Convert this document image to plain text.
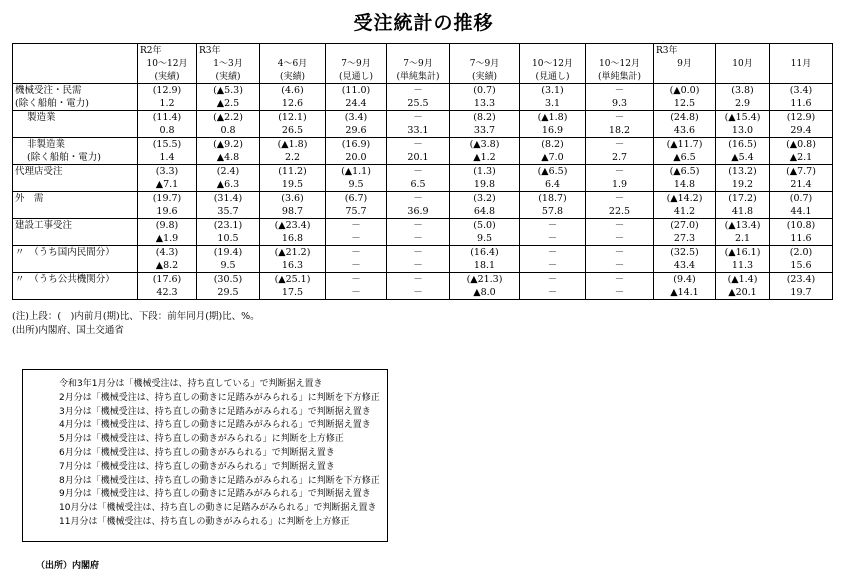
受注統計の推移
	R2年	R3年							R3年		
	10～12月	1～3月	4～6月	7～9月	7～9月	7～9月	10～12月	10～12月	9月	10月	11月
	(実績)	(実績)	(実績)	(見通し)	(単純集計)	(実績)	(見通し)	(単純集計)			
機械受注・民需	(12.9)	(▲5.3)	(4.6)	(11.0)	－	(0.7)	(3.1)	－	(▲0.0)	(3.8)	(3.4)
(除く船舶・電力)	1.2	▲2.5	12.6	24.4	25.5	13.3	3.1	9.3	12.5	2.9	11.6
製造業	(11.4)	(▲2.2)	(12.1)	(3.4)	－	(8.2)	(▲1.8)	－	(24.8)	(▲15.4)	(12.9)
	0.8	0.8	26.5	29.6	33.1	33.7	16.9	18.2	43.6	13.0	29.4
非製造業	(15.5)	(▲9.2)	(▲1.8)	(16.9)	－	(▲3.8)	(8.2)	－	(▲11.7)	(16.5)	(▲0.8)
(除く船舶・電力)	1.4	▲4.8	2.2	20.0	20.1	▲1.2	▲7.0	2.7	▲6.5	▲5.4	▲2.1
代理店受注	(3.3)	(2.4)	(11.2)	(▲1.1)	－	(1.3)	(▲6.5)	－	(▲6.5)	(13.2)	(▲7.7)
	▲7.1	▲6.3	19.5	9.5	6.5	19.8	6.4	1.9	14.8	19.2	21.4
外　需	(19.7)	(31.4)	(3.6)	(6.7)	－	(3.2)	(18.7)	－	(▲14.2)	(17.2)	(0.7)
	19.6	35.7	98.7	75.7	36.9	64.8	57.8	22.5	41.2	41.8	44.1
建設工事受注	(9.8)	(23.1)	(▲23.4)	－	－	(5.0)	－	－	(27.0)	(▲13.4)	(10.8)
	▲1.9	10.5	16.8	－	－	9.5	－	－	27.3	2.1	11.6
〃　（うち国内民間分）	(4.3)	(19.4)	(▲21.2)	－	－	(16.4)	－	－	(32.5)	(▲16.1)	(2.0)
	▲8.2	9.5	16.3	－	－	18.1	－	－	43.4	11.3	15.6
〃　（うち公共機関分）	(17.6)	(30.5)	(▲25.1)	－	－	(▲21.3)	－	－	(9.4)	(▲1.4)	(23.4)
	42.3	29.5	17.5	－	－	▲8.0	－	－	▲14.1	▲20.1	19.7
(注)上段：(　)内前月(期)比、下段：前年同月(期)比、%。
(出所)内閣府、国土交通省
令和3年1月分は「機械受注は、持ち直している」で判断据え置き
2月分は「機械受注は、持ち直しの動きに足踏みがみられる」に判断を下方修正
3月分は「機械受注は、持ち直しの動きに足踏みがみられる」で判断据え置き
4月分は「機械受注は、持ち直しの動きに足踏みがみられる」で判断据え置き
5月分は「機械受注は、持ち直しの動きがみられる」に判断を上方修正
6月分は「機械受注は、持ち直しの動きがみられる」で判断据え置き
7月分は「機械受注は、持ち直しの動きがみられる」で判断据え置き
8月分は「機械受注は、持ち直しの動きに足踏みがみられる」に判断を下方修正
9月分は「機械受注は、持ち直しの動きに足踏みがみられる」で判断据え置き
10月分は「機械受注は、持ち直しの動きに足踏みがみられる」で判断据え置き
11月分は「機械受注は、持ち直しの動きがみられる」に判断を上方修正
（出所）内閣府
